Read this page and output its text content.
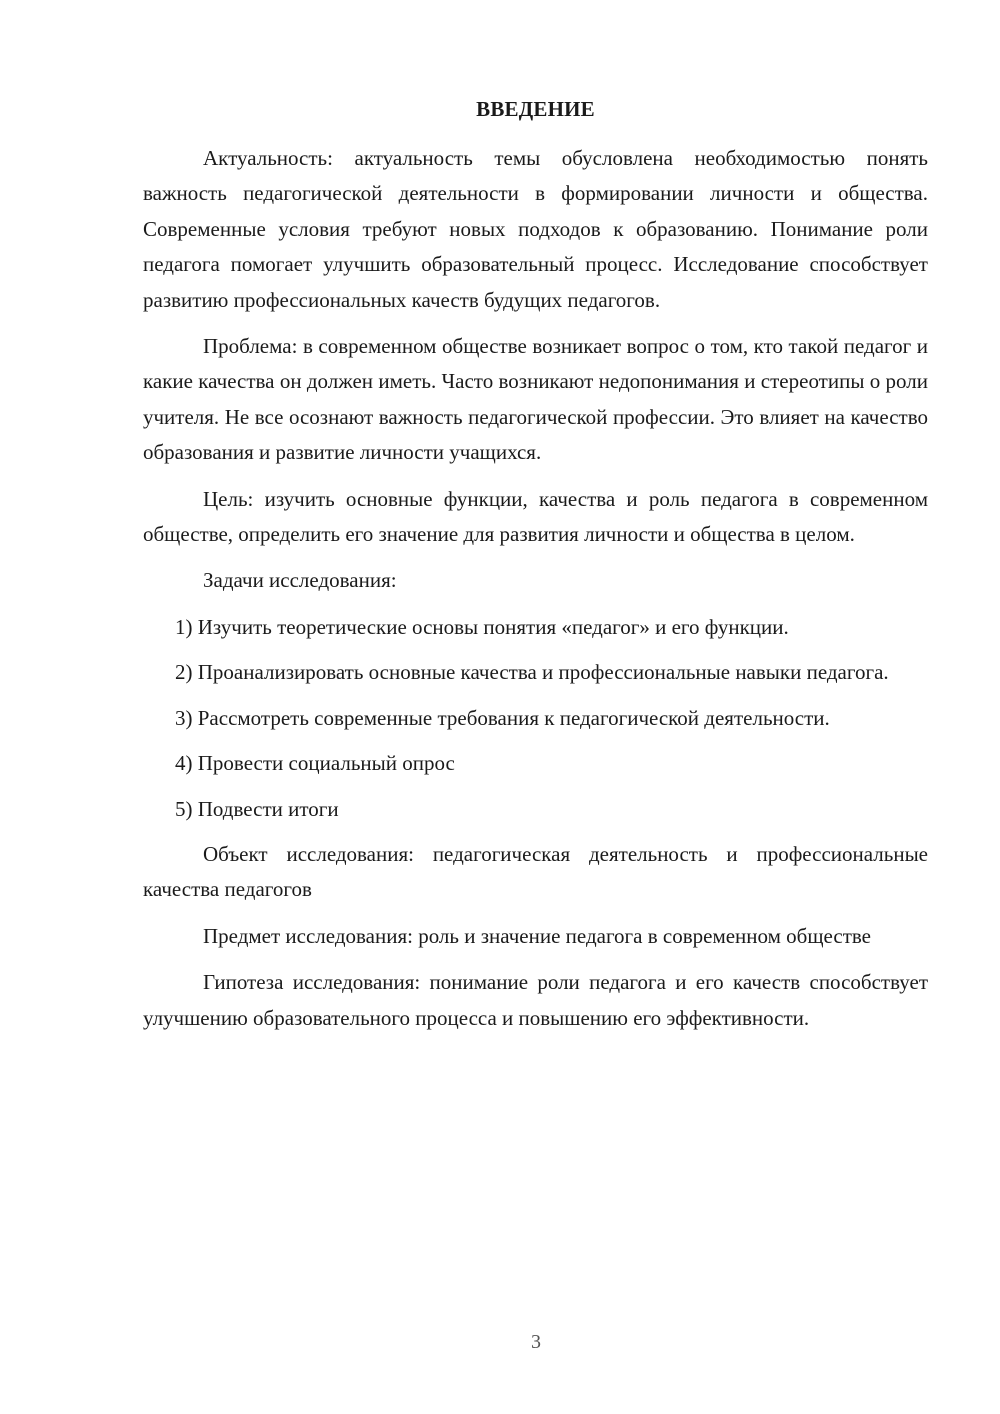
ВВЕДЕНИЕ

Актуальность: актуальность темы обусловлена необходимостью понять важность педагогической деятельности в формировании личности и общества. Современные условия требуют новых подходов к образованию. Понимание роли педагога помогает улучшить образовательный процесс. Исследование способствует развитию профессиональных качеств будущих педагогов.

Проблема: в современном обществе возникает вопрос о том, кто такой педагог и какие качества он должен иметь. Часто возникают недопонимания и стереотипы о роли учителя. Не все осознают важность педагогической профессии. Это влияет на качество образования и развитие личности учащихся.

Цель: изучить основные функции, качества и роль педагога в современном обществе, определить его значение для развития личности и общества в целом.

Задачи исследования:

1) Изучить теоретические основы понятия «педагог» и его функции.

2) Проанализировать основные качества и профессиональные навыки педагога.

3) Рассмотреть современные требования к педагогической деятельности.

4) Провести социальный опрос

5) Подвести итоги

Объект исследования: педагогическая деятельность и профессиональные качества педагогов

Предмет исследования: роль и значение педагога в современном обществе

Гипотеза исследования: понимание роли педагога и его качеств способствует улучшению образовательного процесса и повышению его эффективности.

3
